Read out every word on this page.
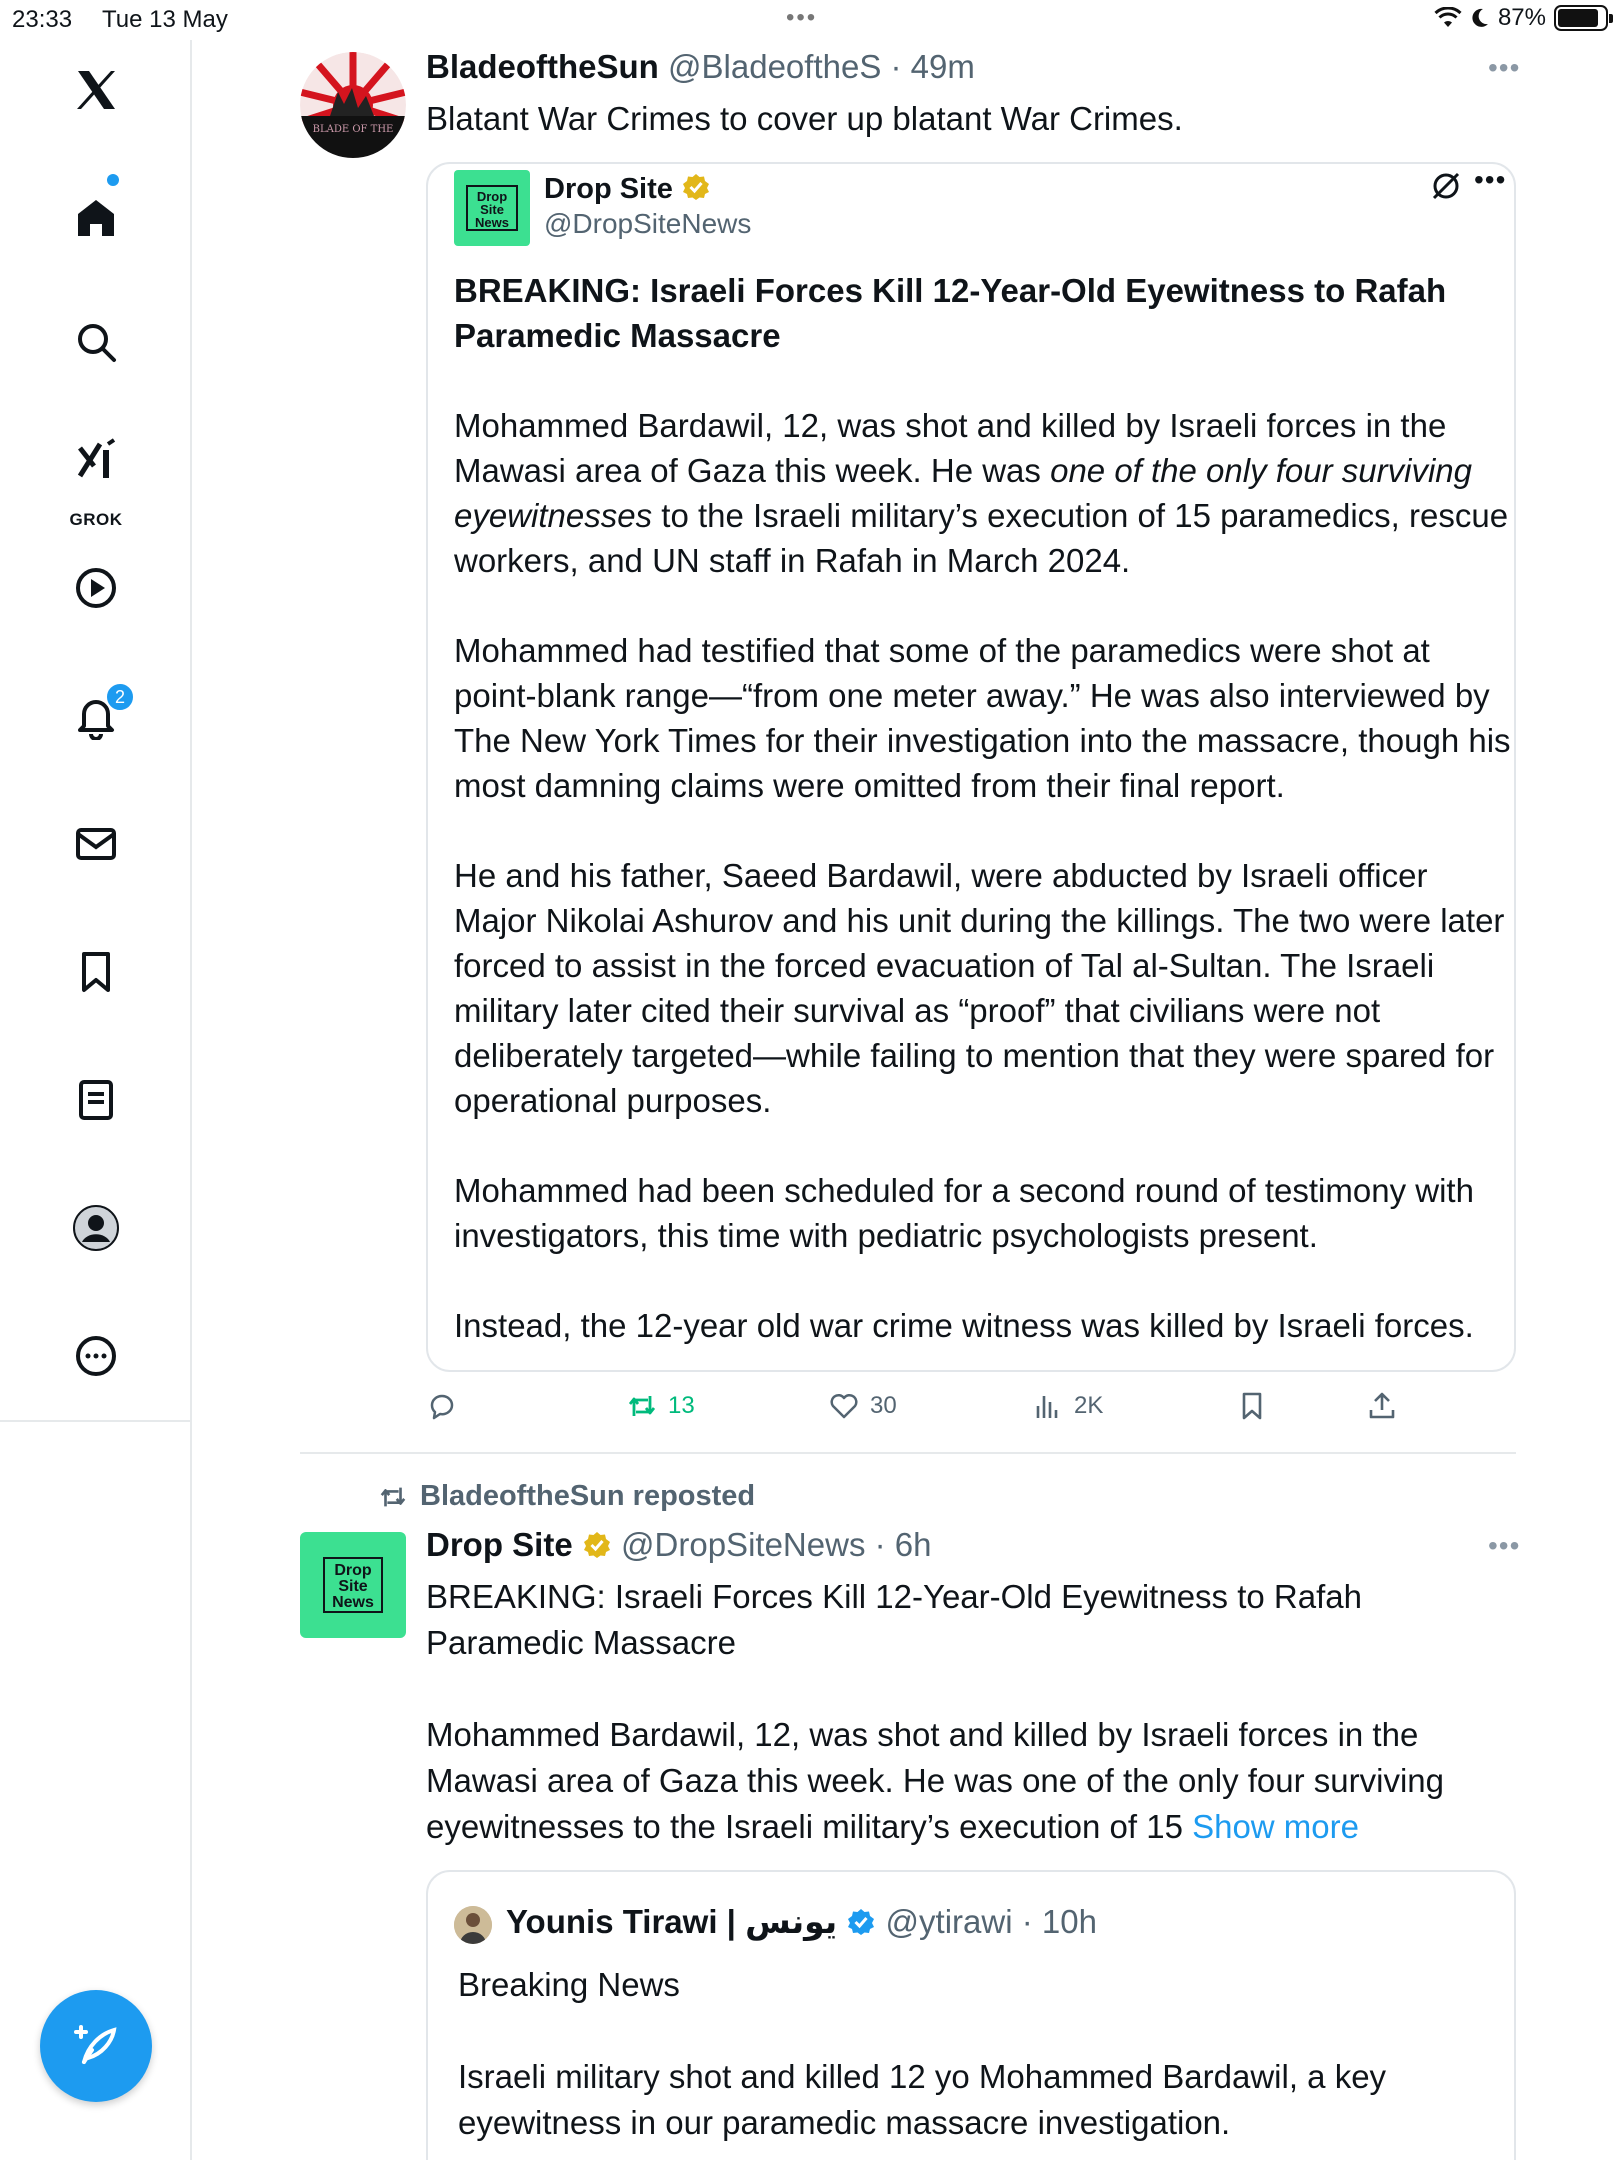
23:33 Tue 13 May	•••	87%
GROK
2
BLADE OF THE
BladeoftheSun @BladeoftheS · 49m	•••
Blatant War Crimes to cover up blatant War Crimes.
Drop
Site
News
Drop Site
@DropSiteNews
•••

BREAKING: Israeli Forces Kill 12-Year-Old Eyewitness to Rafah Paramedic Massacre

Mohammed Bardawil, 12, was shot and killed by Israeli forces in the Mawasi area of Gaza this week. He was one of the only four surviving eyewitnesses to the Israeli military’s execution of 15 paramedics, rescue workers, and UN staff in Rafah in March 2024.

Mohammed had testified that some of the paramedics were shot at point-blank range—“from one meter away.” He was also interviewed by The New York Times for their investigation into the massacre, though his most damning claims were omitted from their final report.

He and his father, Saeed Bardawil, were abducted by Israeli officer Major Nikolai Ashurov and his unit during the killings. The two were later forced to assist in the forced evacuation of Tal al-Sultan. The Israeli military later cited their survival as “proof” that civilians were not deliberately targeted—while failing to mention that they were spared for operational purposes.

Mohammed had been scheduled for a second round of testimony with investigators, this time with pediatric psychologists present.

Instead, the 12-year old war crime witness was killed by Israeli forces.

13	30	2K
BladeoftheSun reposted
Drop
Site
News
Drop Site @DropSiteNews · 6h	•••
BREAKING: Israeli Forces Kill 12-Year-Old Eyewitness to Rafah Paramedic Massacre
Mohammed Bardawil, 12, was shot and killed by Israeli forces in the Mawasi area of Gaza this week. He was one of the only four surviving eyewitnesses to the Israeli military’s execution of 15 Show more
Younis Tirawi | يونس @ytirawi · 10h
Breaking News
Israeli military shot and killed 12 yo Mohammed Bardawil, a key eyewitness in our paramedic massacre investigation.
